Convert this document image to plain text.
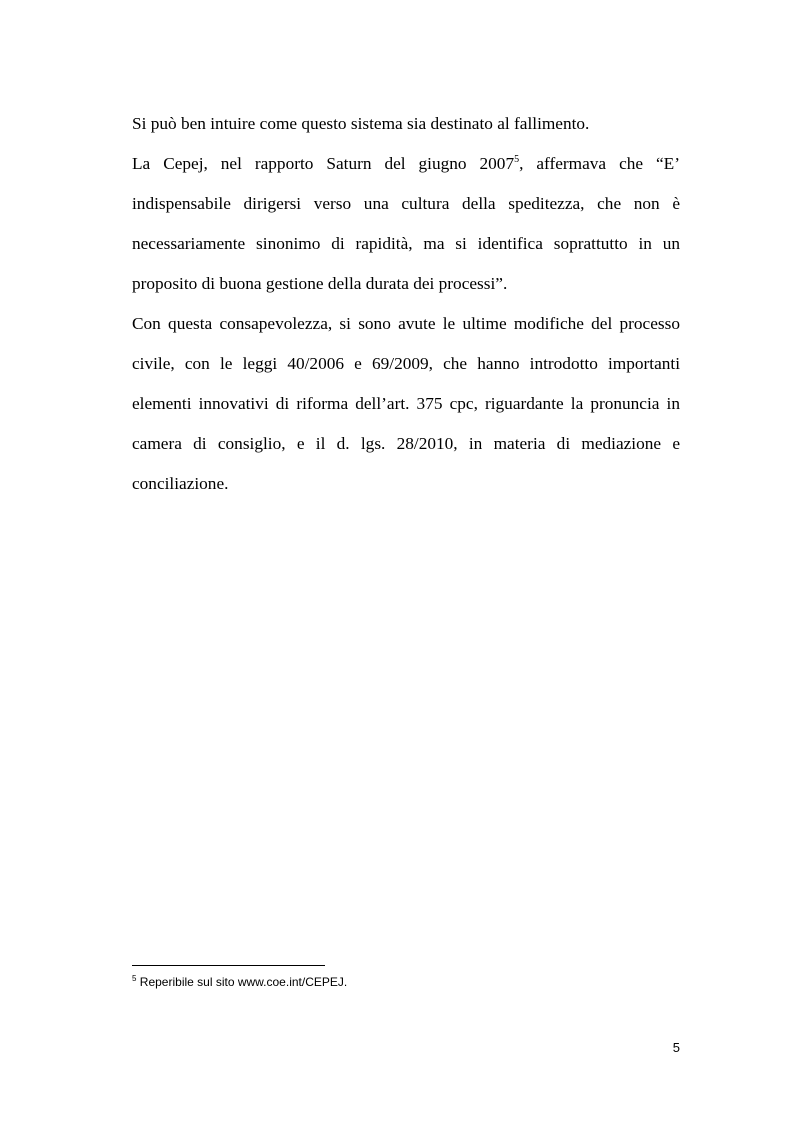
Si può ben intuire come questo sistema sia destinato al fallimento.
La Cepej, nel rapporto Saturn del giugno 2007$^5$, affermava che “E’
indispensabile dirigersi verso una cultura della speditezza, che non è
necessariamente sinonimo di rapidità, ma si identifica soprattutto in un
proposito di buona gestione della durata dei processi”.
Con questa consapevolezza, si sono avute le ultime modifiche del processo
civile, con le leggi 40/2006 e 69/2009, che hanno introdotto importanti
elementi innovativi di riforma dell’art. 375 cpc, riguardante la pronuncia in
camera di consiglio, e il d. lgs. 28/2010, in materia di mediazione e
conciliazione.
$^5$ Reperibile sul sito www.coe.int/CEPEJ.
5
